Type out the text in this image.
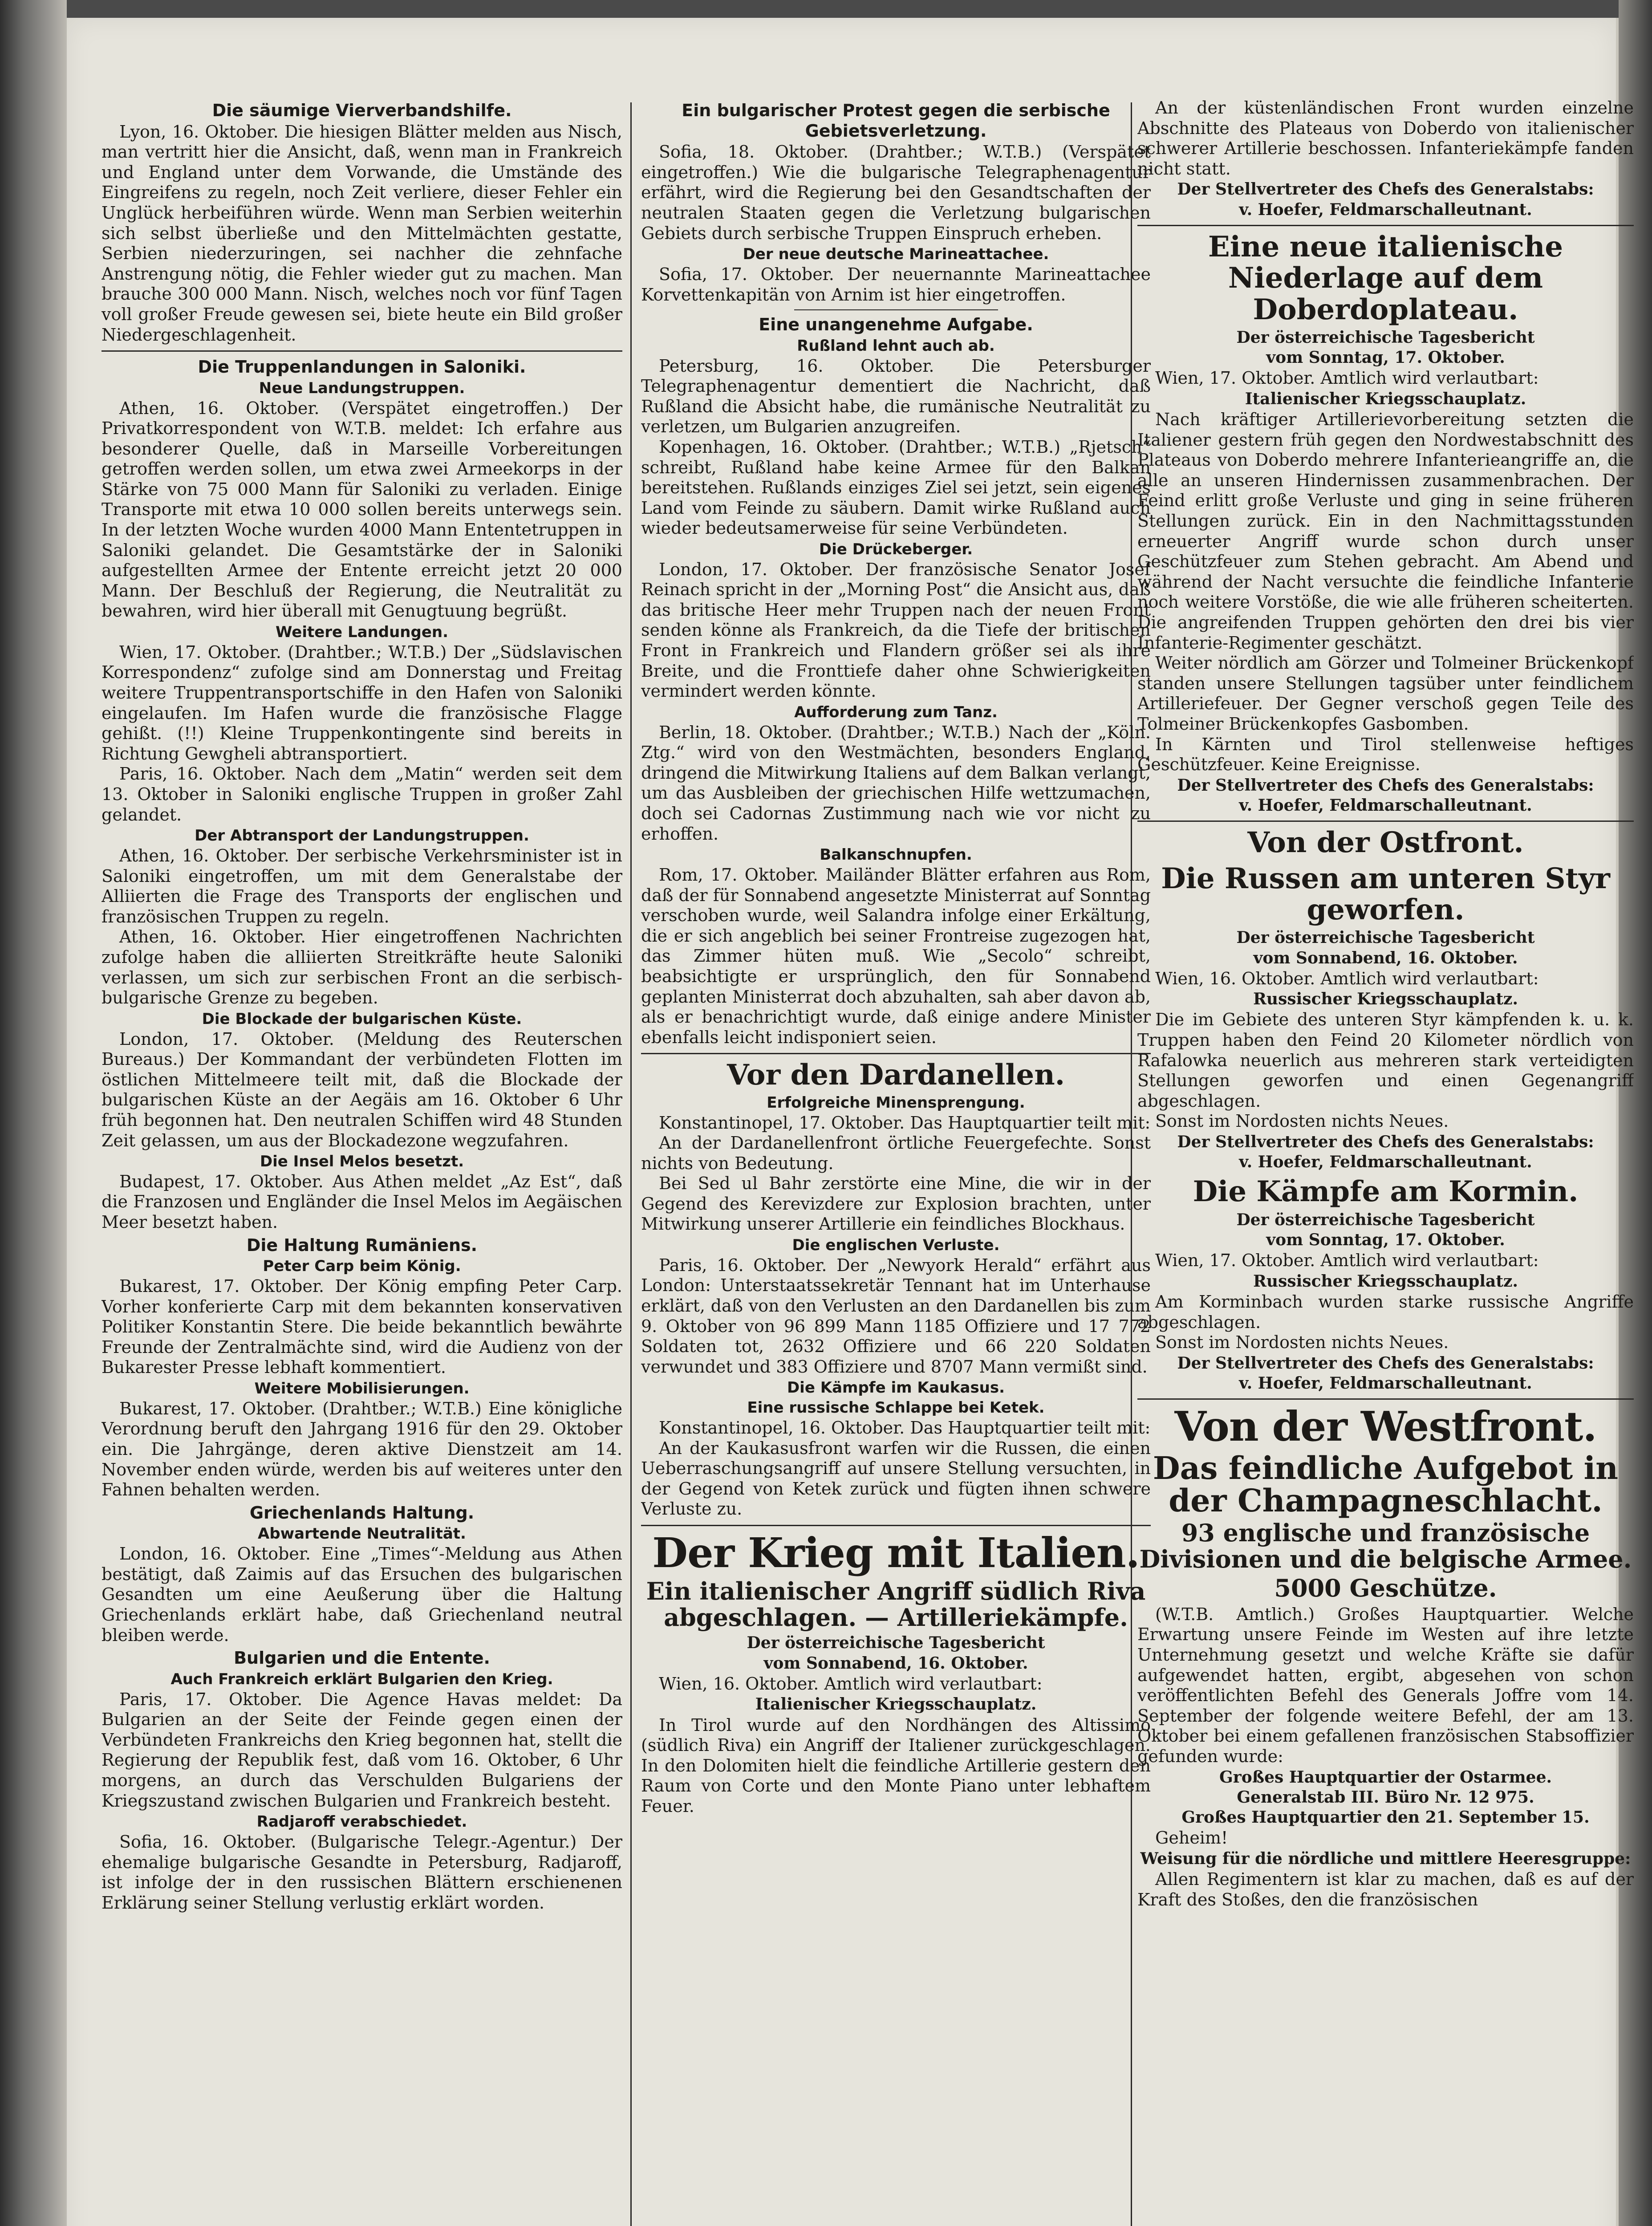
Die säumige Vierverbandshilfe.
Lyon, 16. Oktober. Die hiesigen Blätter melden aus Nisch, man vertritt hier die Ansicht, daß, wenn man in Frankreich und England unter dem Vorwande, die Umstände des Eingreifens zu regeln, noch Zeit verliere, dieser Fehler ein Unglück herbeiführen würde. Wenn man Serbien weiterhin sich selbst überließe und den Mittelmächten gestatte, Serbien niederzuringen, sei nachher die zehnfache Anstrengung nötig, die Fehler wieder gut zu machen. Man brauche 300 000 Mann. Nisch, welches noch vor fünf Tagen voll großer Freude gewesen sei, biete heute ein Bild großer Niedergeschlagenheit.
Die Truppenlandungen in Saloniki.
Neue Landungstruppen.
Athen, 16. Oktober. (Verspätet eingetroffen.) Der Privatkorrespondent von W.T.B. meldet: Ich erfahre aus besonderer Quelle, daß in Marseille Vorbereitungen getroffen werden sollen, um etwa zwei Armeekorps in der Stärke von 75 000 Mann für Saloniki zu verladen. Einige Transporte mit etwa 10 000 sollen bereits unterwegs sein. In der letzten Woche wurden 4000 Mann Ententetruppen in Saloniki gelandet. Die Gesamtstärke der in Saloniki aufgestellten Armee der Entente erreicht jetzt 20 000 Mann. Der Beschluß der Regierung, die Neutralität zu bewahren, wird hier überall mit Genugtuung begrüßt.
Weitere Landungen.
Wien, 17. Oktober. (Drahtber.; W.T.B.) Der „Südslavischen Korrespondenz“ zufolge sind am Donnerstag und Freitag weitere Truppentransportschiffe in den Hafen von Saloniki eingelaufen. Im Hafen wurde die französische Flagge gehißt. (!!) Kleine Truppenkontingente sind bereits in Richtung Gewgheli abtransportiert.
Paris, 16. Oktober. Nach dem „Matin“ werden seit dem 13. Oktober in Saloniki englische Truppen in großer Zahl gelandet.
Der Abtransport der Landungstruppen.
Athen, 16. Oktober. Der serbische Verkehrsminister ist in Saloniki eingetroffen, um mit dem Generalstabe der Alliierten die Frage des Transports der englischen und französischen Truppen zu regeln.
Athen, 16. Oktober. Hier eingetroffenen Nachrichten zufolge haben die alliierten Streitkräfte heute Saloniki verlassen, um sich zur serbischen Front an die serbisch-bulgarische Grenze zu begeben.
Die Blockade der bulgarischen Küste.
London, 17. Oktober. (Meldung des Reuterschen Bureaus.) Der Kommandant der verbündeten Flotten im östlichen Mittelmeere teilt mit, daß die Blockade der bulgarischen Küste an der Aegäis am 16. Oktober 6 Uhr früh begonnen hat. Den neutralen Schiffen wird 48 Stunden Zeit gelassen, um aus der Blockadezone wegzufahren.
Die Insel Melos besetzt.
Budapest, 17. Oktober. Aus Athen meldet „Az Est“, daß die Franzosen und Engländer die Insel Melos im Aegäischen Meer besetzt haben.
Die Haltung Rumäniens.
Peter Carp beim König.
Bukarest, 17. Oktober. Der König empfing Peter Carp. Vorher konferierte Carp mit dem bekannten konservativen Politiker Konstantin Stere. Die beide bekanntlich bewährte Freunde der Zentralmächte sind, wird die Audienz von der Bukarester Presse lebhaft kommentiert.
Weitere Mobilisierungen.
Bukarest, 17. Oktober. (Drahtber.; W.T.B.) Eine königliche Verordnung beruft den Jahrgang 1916 für den 29. Oktober ein. Die Jahrgänge, deren aktive Dienstzeit am 14. November enden würde, werden bis auf weiteres unter den Fahnen behalten werden.
Griechenlands Haltung.
Abwartende Neutralität.
London, 16. Oktober. Eine „Times“-Meldung aus Athen bestätigt, daß Zaimis auf das Ersuchen des bulgarischen Gesandten um eine Aeußerung über die Haltung Griechenlands erklärt habe, daß Griechenland neutral bleiben werde.
Bulgarien und die Entente.
Auch Frankreich erklärt Bulgarien den Krieg.
Paris, 17. Oktober. Die Agence Havas meldet: Da Bulgarien an der Seite der Feinde gegen einen der Verbündeten Frankreichs den Krieg begonnen hat, stellt die Regierung der Republik fest, daß vom 16. Oktober, 6 Uhr morgens, an durch das Verschulden Bulgariens der Kriegszustand zwischen Bulgarien und Frankreich besteht.
Radjaroff verabschiedet.
Sofia, 16. Oktober. (Bulgarische Telegr.-Agentur.) Der ehemalige bulgarische Gesandte in Petersburg, Radjaroff, ist infolge der in den russischen Blättern erschienenen Erklärung seiner Stellung verlustig erklärt worden.
Ein bulgarischer Protest gegen die serbische Gebietsverletzung.
Sofia, 18. Oktober. (Drahtber.; W.T.B.) (Verspätet eingetroffen.) Wie die bulgarische Telegraphenagentur erfährt, wird die Regierung bei den Gesandtschaften der neutralen Staaten gegen die Verletzung bulgarischen Gebiets durch serbische Truppen Einspruch erheben.
Der neue deutsche Marineattachee.
Sofia, 17. Oktober. Der neuernannte Marineattachee Korvettenkapitän von Arnim ist hier eingetroffen.
Eine unangenehme Aufgabe.
Rußland lehnt auch ab.
Petersburg, 16. Oktober. Die Petersburger Telegraphenagentur dementiert die Nachricht, daß Rußland die Absicht habe, die rumänische Neutralität zu verletzen, um Bulgarien anzugreifen.
Kopenhagen, 16. Oktober. (Drahtber.; W.T.B.) „Rjetsch“ schreibt, Rußland habe keine Armee für den Balkan bereitstehen. Rußlands einziges Ziel sei jetzt, sein eigenes Land vom Feinde zu säubern. Damit wirke Rußland auch wieder bedeutsamerweise für seine Verbündeten.
Die Drückeberger.
London, 17. Oktober. Der französische Senator Josef Reinach spricht in der „Morning Post“ die Ansicht aus, daß das britische Heer mehr Truppen nach der neuen Front senden könne als Frankreich, da die Tiefe der britischen Front in Frankreich und Flandern größer sei als ihre Breite, und die Fronttiefe daher ohne Schwierigkeiten vermindert werden könnte.
Aufforderung zum Tanz.
Berlin, 18. Oktober. (Drahtber.; W.T.B.) Nach der „Köln. Ztg.“ wird von den Westmächten, besonders England, dringend die Mitwirkung Italiens auf dem Balkan verlangt, um das Ausbleiben der griechischen Hilfe wettzumachen, doch sei Cadornas Zustimmung nach wie vor nicht zu erhoffen.
Balkanschnupfen.
Rom, 17. Oktober. Mailänder Blätter erfahren aus Rom, daß der für Sonnabend angesetzte Ministerrat auf Sonntag verschoben wurde, weil Salandra infolge einer Erkältung, die er sich angeblich bei seiner Frontreise zugezogen hat, das Zimmer hüten muß. Wie „Secolo“ schreibt, beabsichtigte er ursprünglich, den für Sonnabend geplanten Ministerrat doch abzuhalten, sah aber davon ab, als er benachrichtigt wurde, daß einige andere Minister ebenfalls leicht indisponiert seien.
Vor den Dardanellen.
Erfolgreiche Minensprengung.
Konstantinopel, 17. Oktober. Das Hauptquartier teilt mit:
An der Dardanellenfront örtliche Feuergefechte. Sonst nichts von Bedeutung.
Bei Sed ul Bahr zerstörte eine Mine, die wir in der Gegend des Kerevizdere zur Explosion brachten, unter Mitwirkung unserer Artillerie ein feindliches Blockhaus.
Die englischen Verluste.
Paris, 16. Oktober. Der „Newyork Herald“ erfährt aus London: Unterstaatssekretär Tennant hat im Unterhause erklärt, daß von den Verlusten an den Dardanellen bis zum 9. Oktober von 96 899 Mann 1185 Offiziere und 17 772 Soldaten tot, 2632 Offiziere und 66 220 Soldaten verwundet und 383 Offiziere und 8707 Mann vermißt sind.
Die Kämpfe im Kaukasus.
Eine russische Schlappe bei Ketek.
Konstantinopel, 16. Oktober. Das Hauptquartier teilt mit:
An der Kaukasusfront warfen wir die Russen, die einen Ueberraschungsangriff auf unsere Stellung versuchten, in der Gegend von Ketek zurück und fügten ihnen schwere Verluste zu.
Der Krieg mit Italien.
Ein italienischer Angriff südlich Riva abgeschlagen. — Artilleriekämpfe.
Der österreichische Tagesbericht
vom Sonnabend, 16. Oktober.
Wien, 16. Oktober. Amtlich wird verlautbart:
Italienischer Kriegsschauplatz.
In Tirol wurde auf den Nordhängen des Altissimo (südlich Riva) ein Angriff der Italiener zurückgeschlagen. In den Dolomiten hielt die feindliche Artillerie gestern den Raum von Corte und den Monte Piano unter lebhaftem Feuer.
An der küstenländischen Front wurden einzelne Abschnitte des Plateaus von Doberdo von italienischer schwerer Artillerie beschossen. Infanteriekämpfe fanden nicht statt.
Der Stellvertreter des Chefs des Generalstabs:
v. Hoefer, Feldmarschalleutnant.
Eine neue italienische Niederlage auf dem Doberdoplateau.
Der österreichische Tagesbericht
vom Sonntag, 17. Oktober.
Wien, 17. Oktober. Amtlich wird verlautbart:
Italienischer Kriegsschauplatz.
Nach kräftiger Artillerievorbereitung setzten die Italiener gestern früh gegen den Nordwestabschnitt des Plateaus von Doberdo mehrere Infanterieangriffe an, die alle an unseren Hindernissen zusammenbrachen. Der Feind erlitt große Verluste und ging in seine früheren Stellungen zurück. Ein in den Nachmittagsstunden erneuerter Angriff wurde schon durch unser Geschützfeuer zum Stehen gebracht. Am Abend und während der Nacht versuchte die feindliche Infanterie noch weitere Vorstöße, die wie alle früheren scheiterten. Die angreifenden Truppen gehörten den drei bis vier Infanterie-Regimenter geschätzt.
Weiter nördlich am Görzer und Tolmeiner Brückenkopf standen unsere Stellungen tagsüber unter feindlichem Artilleriefeuer. Der Gegner verschoß gegen Teile des Tolmeiner Brückenkopfes Gasbomben.
In Kärnten und Tirol stellenweise heftiges Geschützfeuer. Keine Ereignisse.
Der Stellvertreter des Chefs des Generalstabs:
v. Hoefer, Feldmarschalleutnant.
Von der Ostfront.
Die Russen am unteren Styr geworfen.
Der österreichische Tagesbericht
vom Sonnabend, 16. Oktober.
Wien, 16. Oktober. Amtlich wird verlautbart:
Russischer Kriegsschauplatz.
Die im Gebiete des unteren Styr kämpfenden k. u. k. Truppen haben den Feind 20 Kilometer nördlich von Rafalowka neuerlich aus mehreren stark verteidigten Stellungen geworfen und einen Gegenangriff abgeschlagen.
Sonst im Nordosten nichts Neues.
Der Stellvertreter des Chefs des Generalstabs:
v. Hoefer, Feldmarschalleutnant.
Die Kämpfe am Kormin.
Der österreichische Tagesbericht
vom Sonntag, 17. Oktober.
Wien, 17. Oktober. Amtlich wird verlautbart:
Russischer Kriegsschauplatz.
Am Korminbach wurden starke russische Angriffe abgeschlagen.
Sonst im Nordosten nichts Neues.
Der Stellvertreter des Chefs des Generalstabs:
v. Hoefer, Feldmarschalleutnant.
Von der Westfront.
Das feindliche Aufgebot in der Champagneschlacht.
93 englische und französische Divisionen und die belgische Armee.
5000 Geschütze.
(W.T.B. Amtlich.) Großes Hauptquartier. Welche Erwartung unsere Feinde im Westen auf ihre letzte Unternehmung gesetzt und welche Kräfte sie dafür aufgewendet hatten, ergibt, abgesehen von schon veröffentlichten Befehl des Generals Joffre vom 14. September der folgende weitere Befehl, der am 13. Oktober bei einem gefallenen französischen Stabsoffizier gefunden wurde:
Großes Hauptquartier der Ostarmee.
Generalstab III. Büro Nr. 12 975.
Großes Hauptquartier den 21. September 15.
Geheim!
Weisung für die nördliche und mittlere Heeresgruppe:
Allen Regimentern ist klar zu machen, daß es auf der Kraft des Stoßes, den die französischen
